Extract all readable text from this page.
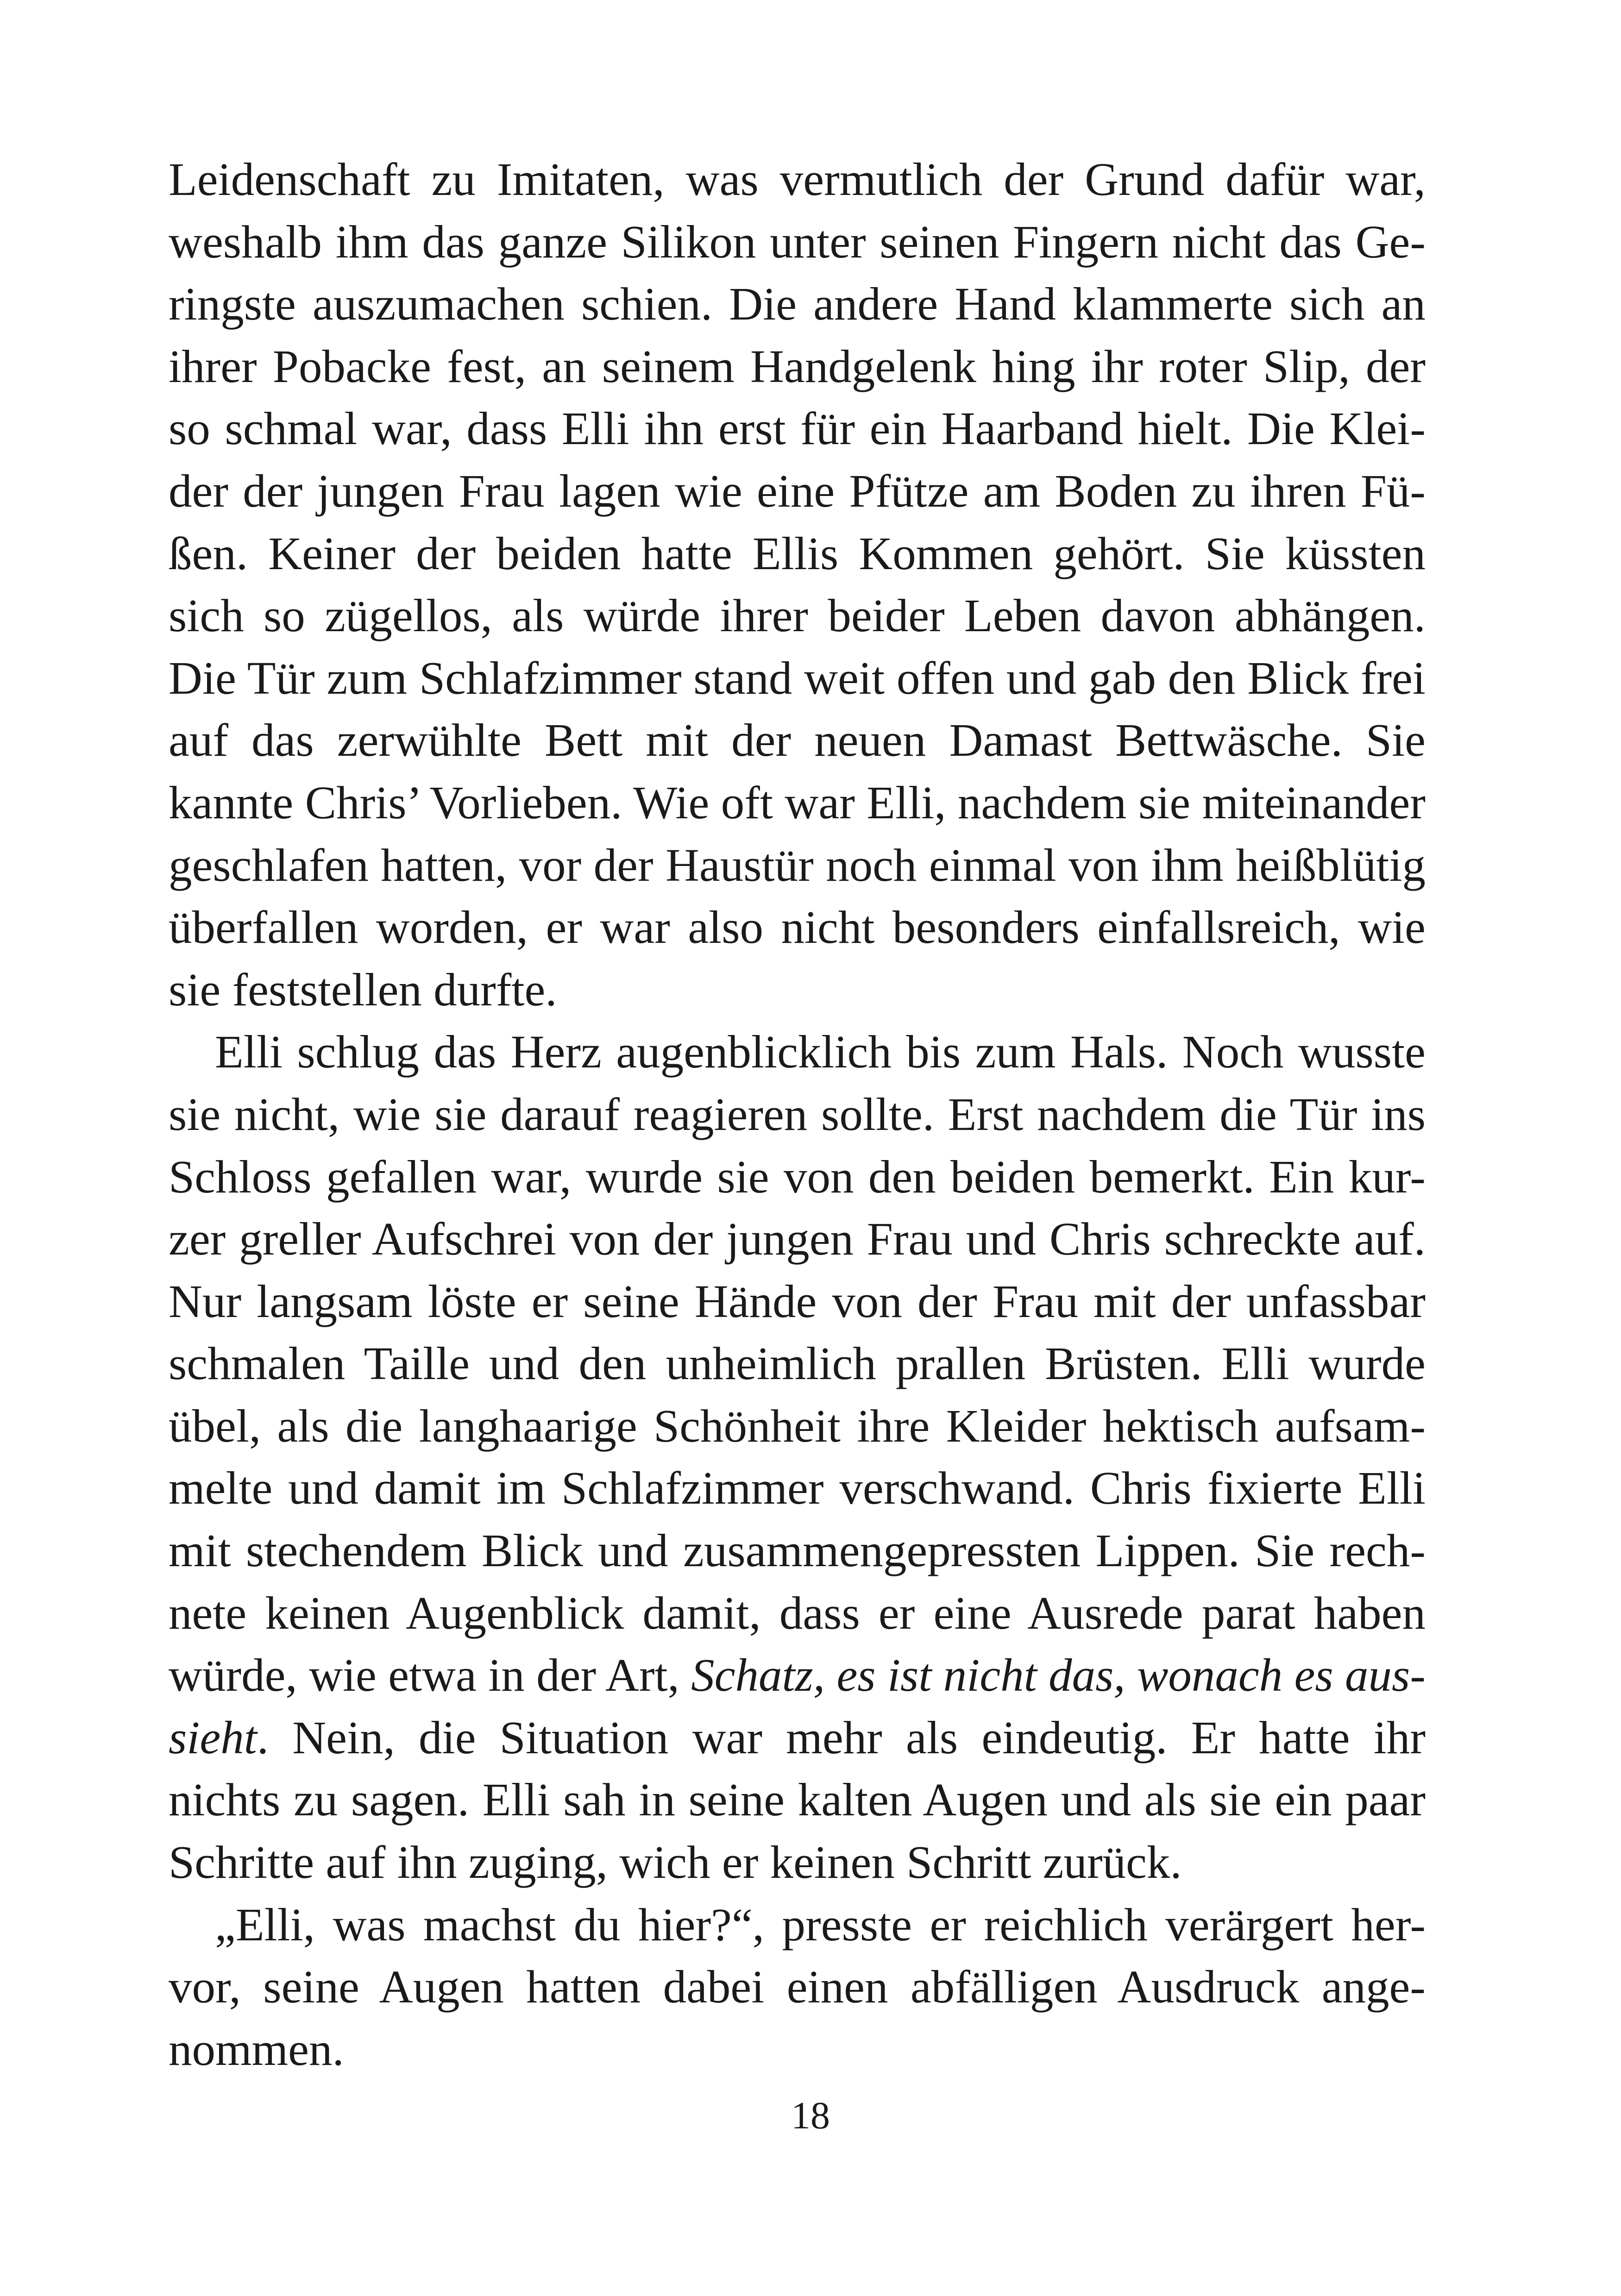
Leidenschaft zu Imitaten, was vermutlich der Grund dafür war,
weshalb ihm das ganze Silikon unter seinen Fingern nicht das Ge-
ringste auszumachen schien. Die andere Hand klammerte sich an
ihrer Pobacke fest, an seinem Handgelenk hing ihr roter Slip, der
so schmal war, dass Elli ihn erst für ein Haarband hielt. Die Klei-
der der jungen Frau lagen wie eine Pfütze am Boden zu ihren Fü-
ßen. Keiner der beiden hatte Ellis Kommen gehört. Sie küssten
sich so zügellos, als würde ihrer beider Leben davon abhängen.
Die Tür zum Schlafzimmer stand weit offen und gab den Blick frei
auf das zerwühlte Bett mit der neuen Damast Bettwäsche. Sie
kannte Chris’ Vorlieben. Wie oft war Elli, nachdem sie miteinander
geschlafen hatten, vor der Haustür noch einmal von ihm heißblütig
überfallen worden, er war also nicht besonders einfallsreich, wie
sie feststellen durfte.
Elli schlug das Herz augenblicklich bis zum Hals. Noch wusste
sie nicht, wie sie darauf reagieren sollte. Erst nachdem die Tür ins
Schloss gefallen war, wurde sie von den beiden bemerkt. Ein kur-
zer greller Aufschrei von der jungen Frau und Chris schreckte auf.
Nur langsam löste er seine Hände von der Frau mit der unfassbar
schmalen Taille und den unheimlich prallen Brüsten. Elli wurde
übel, als die langhaarige Schönheit ihre Kleider hektisch aufsam-
melte und damit im Schlafzimmer verschwand. Chris fixierte Elli
mit stechendem Blick und zusammengepressten Lippen. Sie rech-
nete keinen Augenblick damit, dass er eine Ausrede parat haben
würde, wie etwa in der Art, Schatz, es ist nicht das, wonach es aus-
sieht. Nein, die Situation war mehr als eindeutig. Er hatte ihr
nichts zu sagen. Elli sah in seine kalten Augen und als sie ein paar
Schritte auf ihn zuging, wich er keinen Schritt zurück.
„Elli, was machst du hier?“, presste er reichlich verärgert her-
vor, seine Augen hatten dabei einen abfälligen Ausdruck ange-
nommen.
18
